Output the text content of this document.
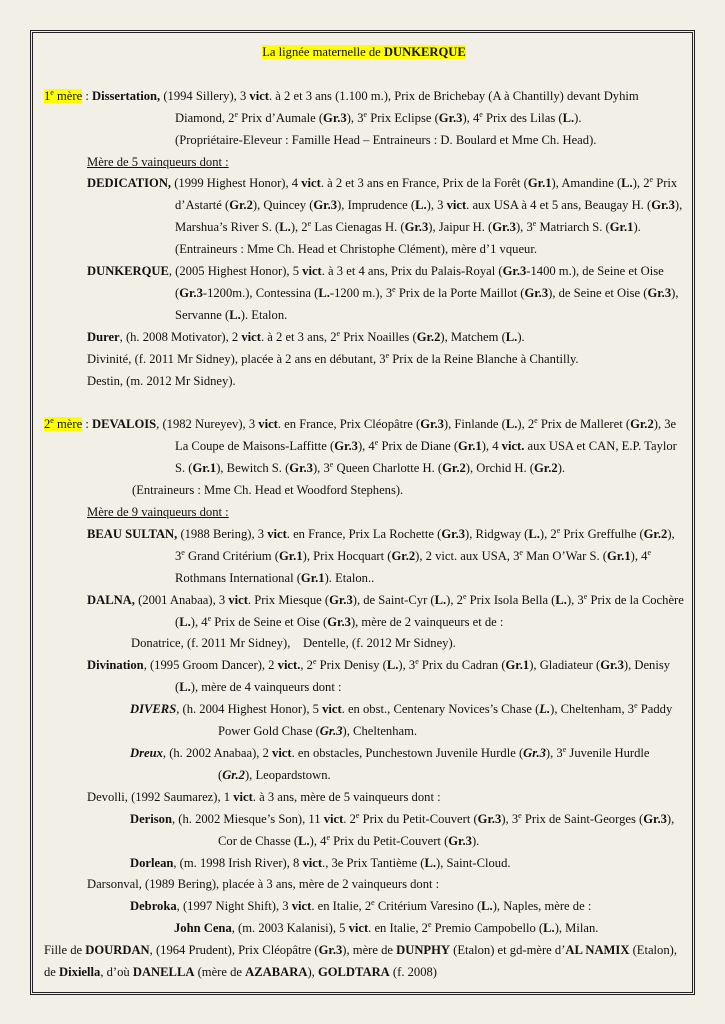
La lignée maternelle de DUNKERQUE

1e mère : Dissertation, (1994 Sillery), 3 vict. à 2 et 3 ans (1.100 m.), Prix de Brichebay (A à Chantilly) devant Dyhim Diamond, 2e Prix d’Aumale (Gr.3), 3e Prix Eclipse (Gr.3), 4e Prix des Lilas (L.).

(Propriétaire-Eleveur : Famille Head – Entraineurs : D. Boulard et Mme Ch. Head).

Mère de 5 vainqueurs dont :

DEDICATION, (1999 Highest Honor), 4 vict. à 2 et 3 ans en France, Prix de la Forêt (Gr.1), Amandine (L.), 2e Prix d’Astarté (Gr.2), Quincey (Gr.3), Imprudence (L.), 3 vict. aux USA à 4 et 5 ans, Beaugay H. (Gr.3), Marshua’s River S. (L.), 2e Las Cienagas H. (Gr.3), Jaipur H. (Gr.3), 3e Matriarch S. (Gr.1). (Entraineurs : Mme Ch. Head et Christophe Clément), mère d’1 vqueur.

DUNKERQUE, (2005 Highest Honor), 5 vict. à 3 et 4 ans, Prix du Palais-Royal (Gr.3-1400 m.), de Seine et Oise (Gr.3-1200m.), Contessina (L.-1200 m.), 3e Prix de la Porte Maillot (Gr.3), de Seine et Oise (Gr.3), Servanne (L.). Etalon.

Durer, (h. 2008 Motivator), 2 vict. à 2 et 3 ans, 2e Prix Noailles (Gr.2), Matchem (L.).

Divinité, (f. 2011 Mr Sidney), placée à 2 ans en débutant, 3e Prix de la Reine Blanche à Chantilly.

Destin, (m. 2012 Mr Sidney).

2e mère : DEVALOIS, (1982 Nureyev), 3 vict. en France, Prix Cléopâtre (Gr.3), Finlande (L.), 2e Prix de Malleret (Gr.2), 3e La Coupe de Maisons-Laffitte (Gr.3), 4e Prix de Diane (Gr.1), 4 vict. aux USA et CAN, E.P. Taylor S. (Gr.1), Bewitch S. (Gr.3), 3e Queen Charlotte H. (Gr.2), Orchid H. (Gr.2).

(Entraineurs : Mme Ch. Head et Woodford Stephens).

Mère de 9 vainqueurs dont :

BEAU SULTAN, (1988 Bering), 3 vict. en France, Prix La Rochette (Gr.3), Ridgway (L.), 2e Prix Greffulhe (Gr.2), 3e Grand Critérium (Gr.1), Prix Hocquart (Gr.2), 2 vict. aux USA, 3e Man O’War S. (Gr.1), 4e Rothmans International (Gr.1). Etalon..

DALNA, (2001 Anabaa), 3 vict. Prix Miesque (Gr.3), de Saint-Cyr (L.), 2e Prix Isola Bella (L.), 3e Prix de la Cochère (L.), 4e Prix de Seine et Oise (Gr.3), mère de 2 vainqueurs et de :

Donatrice, (f. 2011 Mr Sidney),    Dentelle, (f. 2012 Mr Sidney).

Divination, (1995 Groom Dancer), 2 vict., 2e Prix Denisy (L.), 3e Prix du Cadran (Gr.1), Gladiateur (Gr.3), Denisy (L.), mère de 4 vainqueurs dont :

DIVERS, (h. 2004 Highest Honor), 5 vict. en obst., Centenary Novices’s Chase (L.), Cheltenham, 3e Paddy Power Gold Chase (Gr.3), Cheltenham.

Dreux, (h. 2002 Anabaa), 2 vict. en obstacles, Punchestown Juvenile Hurdle (Gr.3), 3e Juvenile Hurdle (Gr.2), Leopardstown.

Devolli, (1992 Saumarez), 1 vict. à 3 ans, mère de 5 vainqueurs dont :

Derison, (h. 2002 Miesque’s Son), 11 vict. 2e Prix du Petit-Couvert (Gr.3), 3e Prix de Saint-Georges (Gr.3), Cor de Chasse (L.), 4e Prix du Petit-Couvert (Gr.3).

Dorlean, (m. 1998 Irish River), 8 vict., 3e Prix Tantième (L.), Saint-Cloud.

Darsonval, (1989 Bering), placée à 3 ans, mère de 2 vainqueurs dont :

Debroka, (1997 Night Shift), 3 vict. en Italie, 2e Critérium Varesino (L.), Naples, mère de :

John Cena, (m. 2003 Kalanisi), 5 vict. en Italie, 2e Premio Campobello (L.), Milan.

Fille de DOURDAN, (1964 Prudent), Prix Cléopâtre (Gr.3), mère de DUNPHY (Etalon) et gd-mère d’AL NAMIX (Etalon), de Dixiella, d’où DANELLA (mère de AZABARA), GOLDTARA (f. 2008)
